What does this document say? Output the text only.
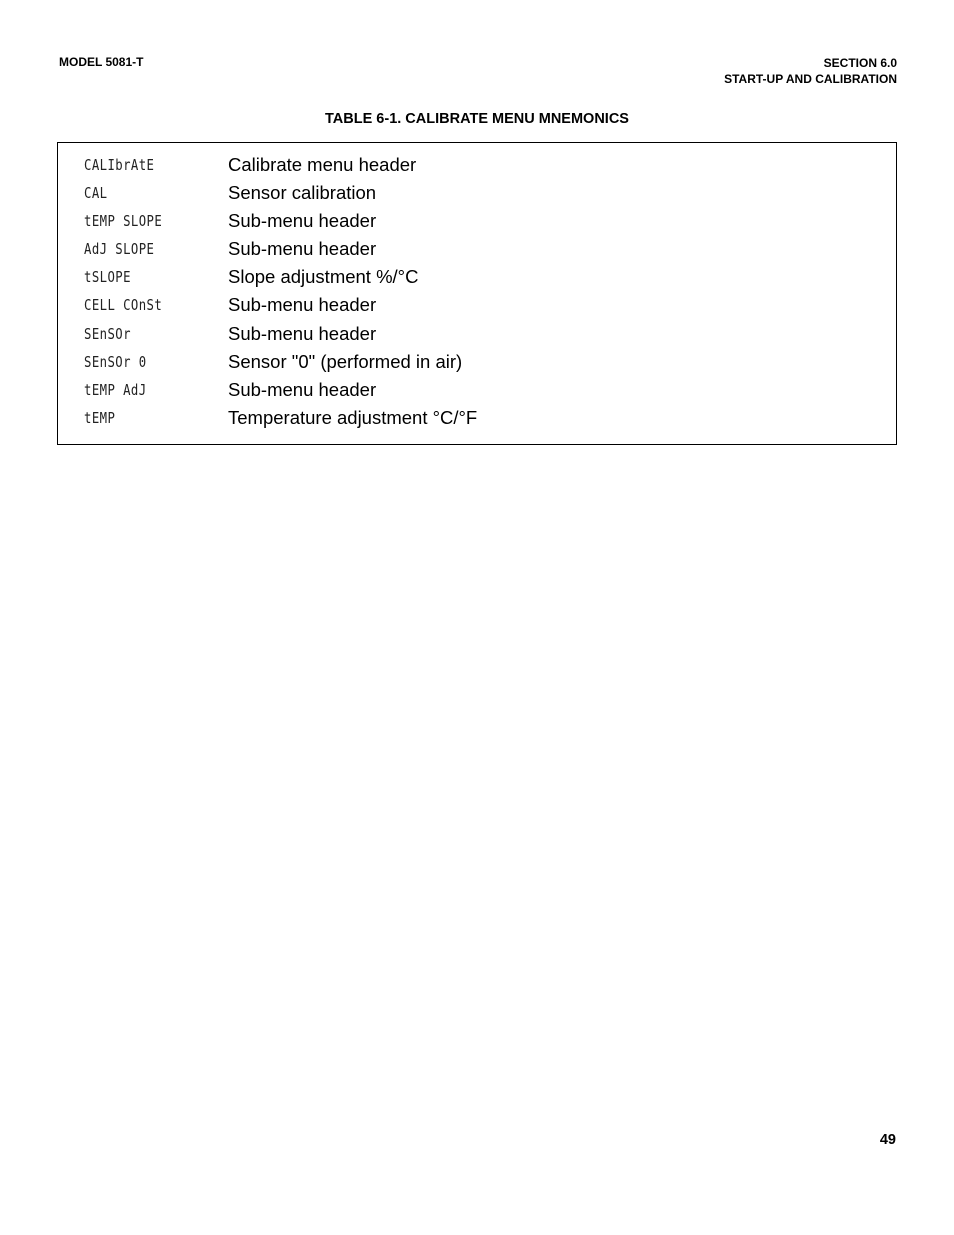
MODEL 5081-T	SECTION 6.0
START-UP AND CALIBRATION
TABLE 6-1. CALIBRATE MENU MNEMONICS
CALIbrAtE	Calibrate menu header
CAL	Sensor calibration
tEMP SLOPE	Sub-menu header
AdJ SLOPE	Sub-menu header
tSLOPE	Slope adjustment %/°C
CELL COnSt	Sub-menu header
SEnSOr	Sub-menu header
SEnSOr 0	Sensor "0" (performed in air)
tEMP AdJ	Sub-menu header
tEMP	Temperature adjustment °C/°F
49
